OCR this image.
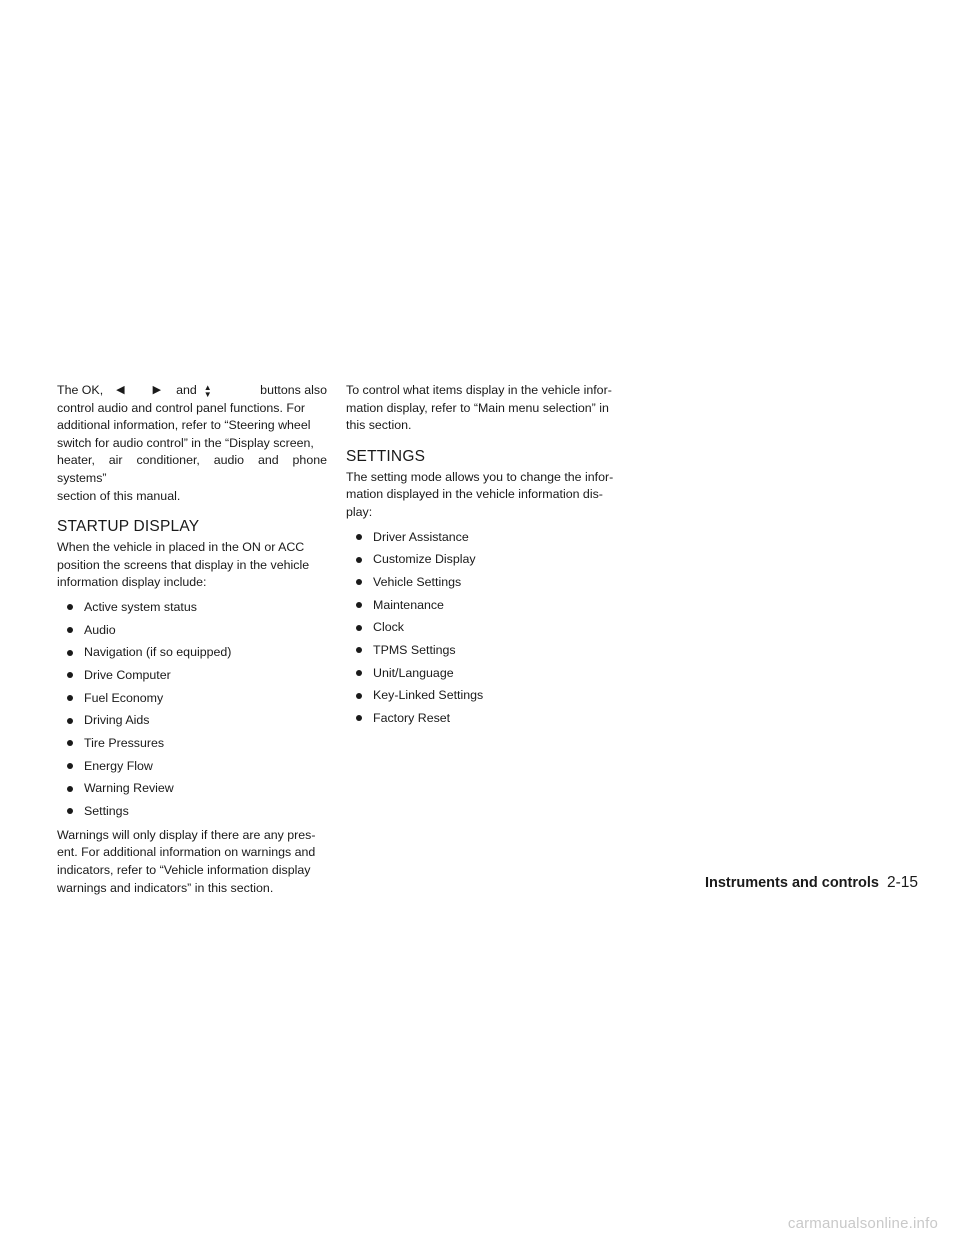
The OK, ◀	▶ and ▲
▼	buttons also
control audio and control panel functions. For
additional information, refer to “Steering wheel
switch for audio control” in the “Display screen,
heater, air conditioner, audio and phone systems”
section of this manual.
STARTUP DISPLAY
When the vehicle in placed in the ON or ACC
position the screens that display in the vehicle
information display include:
Active system status
Audio
Navigation (if so equipped)
Drive Computer
Fuel Economy
Driving Aids
Tire Pressures
Energy Flow
Warning Review
Settings
Warnings will only display if there are any pres-
ent. For additional information on warnings and
indicators, refer to “Vehicle information display
warnings and indicators” in this section.
To control what items display in the vehicle infor-
mation display, refer to “Main menu selection” in
this section.
SETTINGS
The setting mode allows you to change the infor-
mation displayed in the vehicle information dis-
play:
Driver Assistance
Customize Display
Vehicle Settings
Maintenance
Clock
TPMS Settings
Unit/Language
Key-Linked Settings
Factory Reset
Instruments and controls 2-15
carmanualsonline.info
